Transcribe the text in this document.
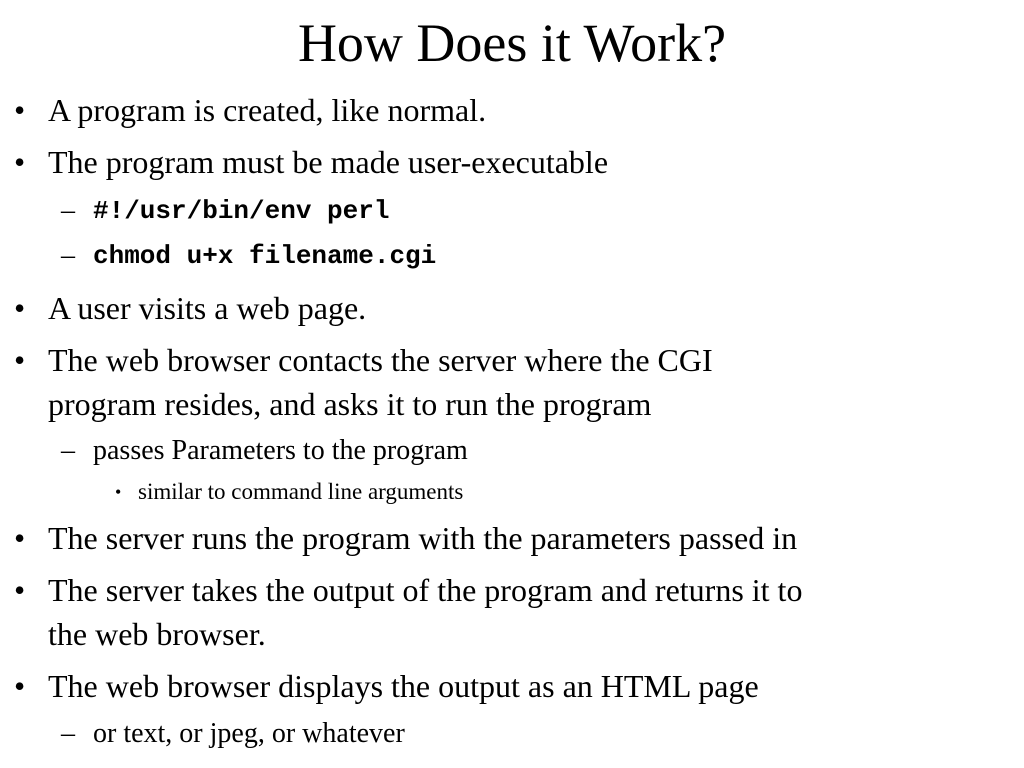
How Does it Work?
• A program is created, like normal.
• The program must be made user-executable
– #!/usr/bin/env perl
– chmod u+x filename.cgi
• A user visits a web page.
• The web browser contacts the server where the CGI
program resides, and asks it to run the program
– passes Parameters to the program
• similar to command line arguments
• The server runs the program with the parameters passed in
• The server takes the output of the program and returns it to
the web browser.
• The web browser displays the output as an HTML page
– or text, or jpeg, or whatever
